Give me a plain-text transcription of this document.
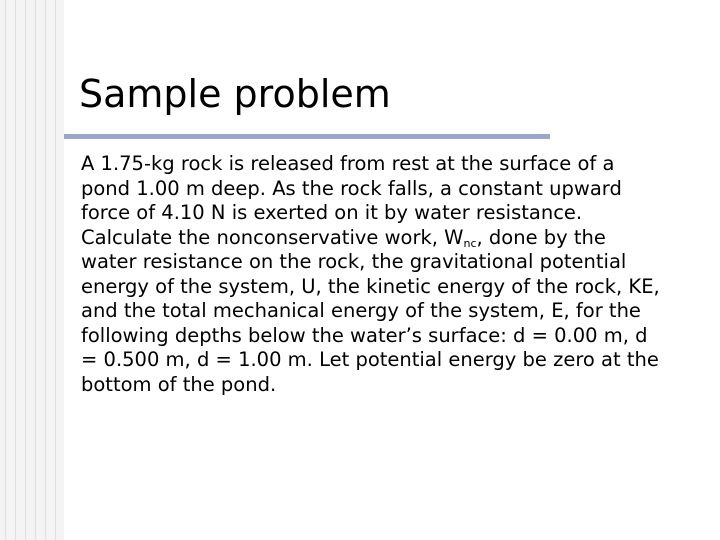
Sample problem

A 1.75-kg rock is released from rest at the surface of a pond 1.00 m deep. As the rock falls, a constant upward force of 4.10 N is exerted on it by water resistance. Calculate the nonconservative work, $W_{nc}$, done by the water resistance on the rock, the gravitational potential energy of the system, U, the kinetic energy of the rock, KE, and the total mechanical energy of the system, E, for the following depths below the water’s surface: d = 0.00 m, d = 0.500 m, d = 1.00 m. Let potential energy be zero at the bottom of the pond.
